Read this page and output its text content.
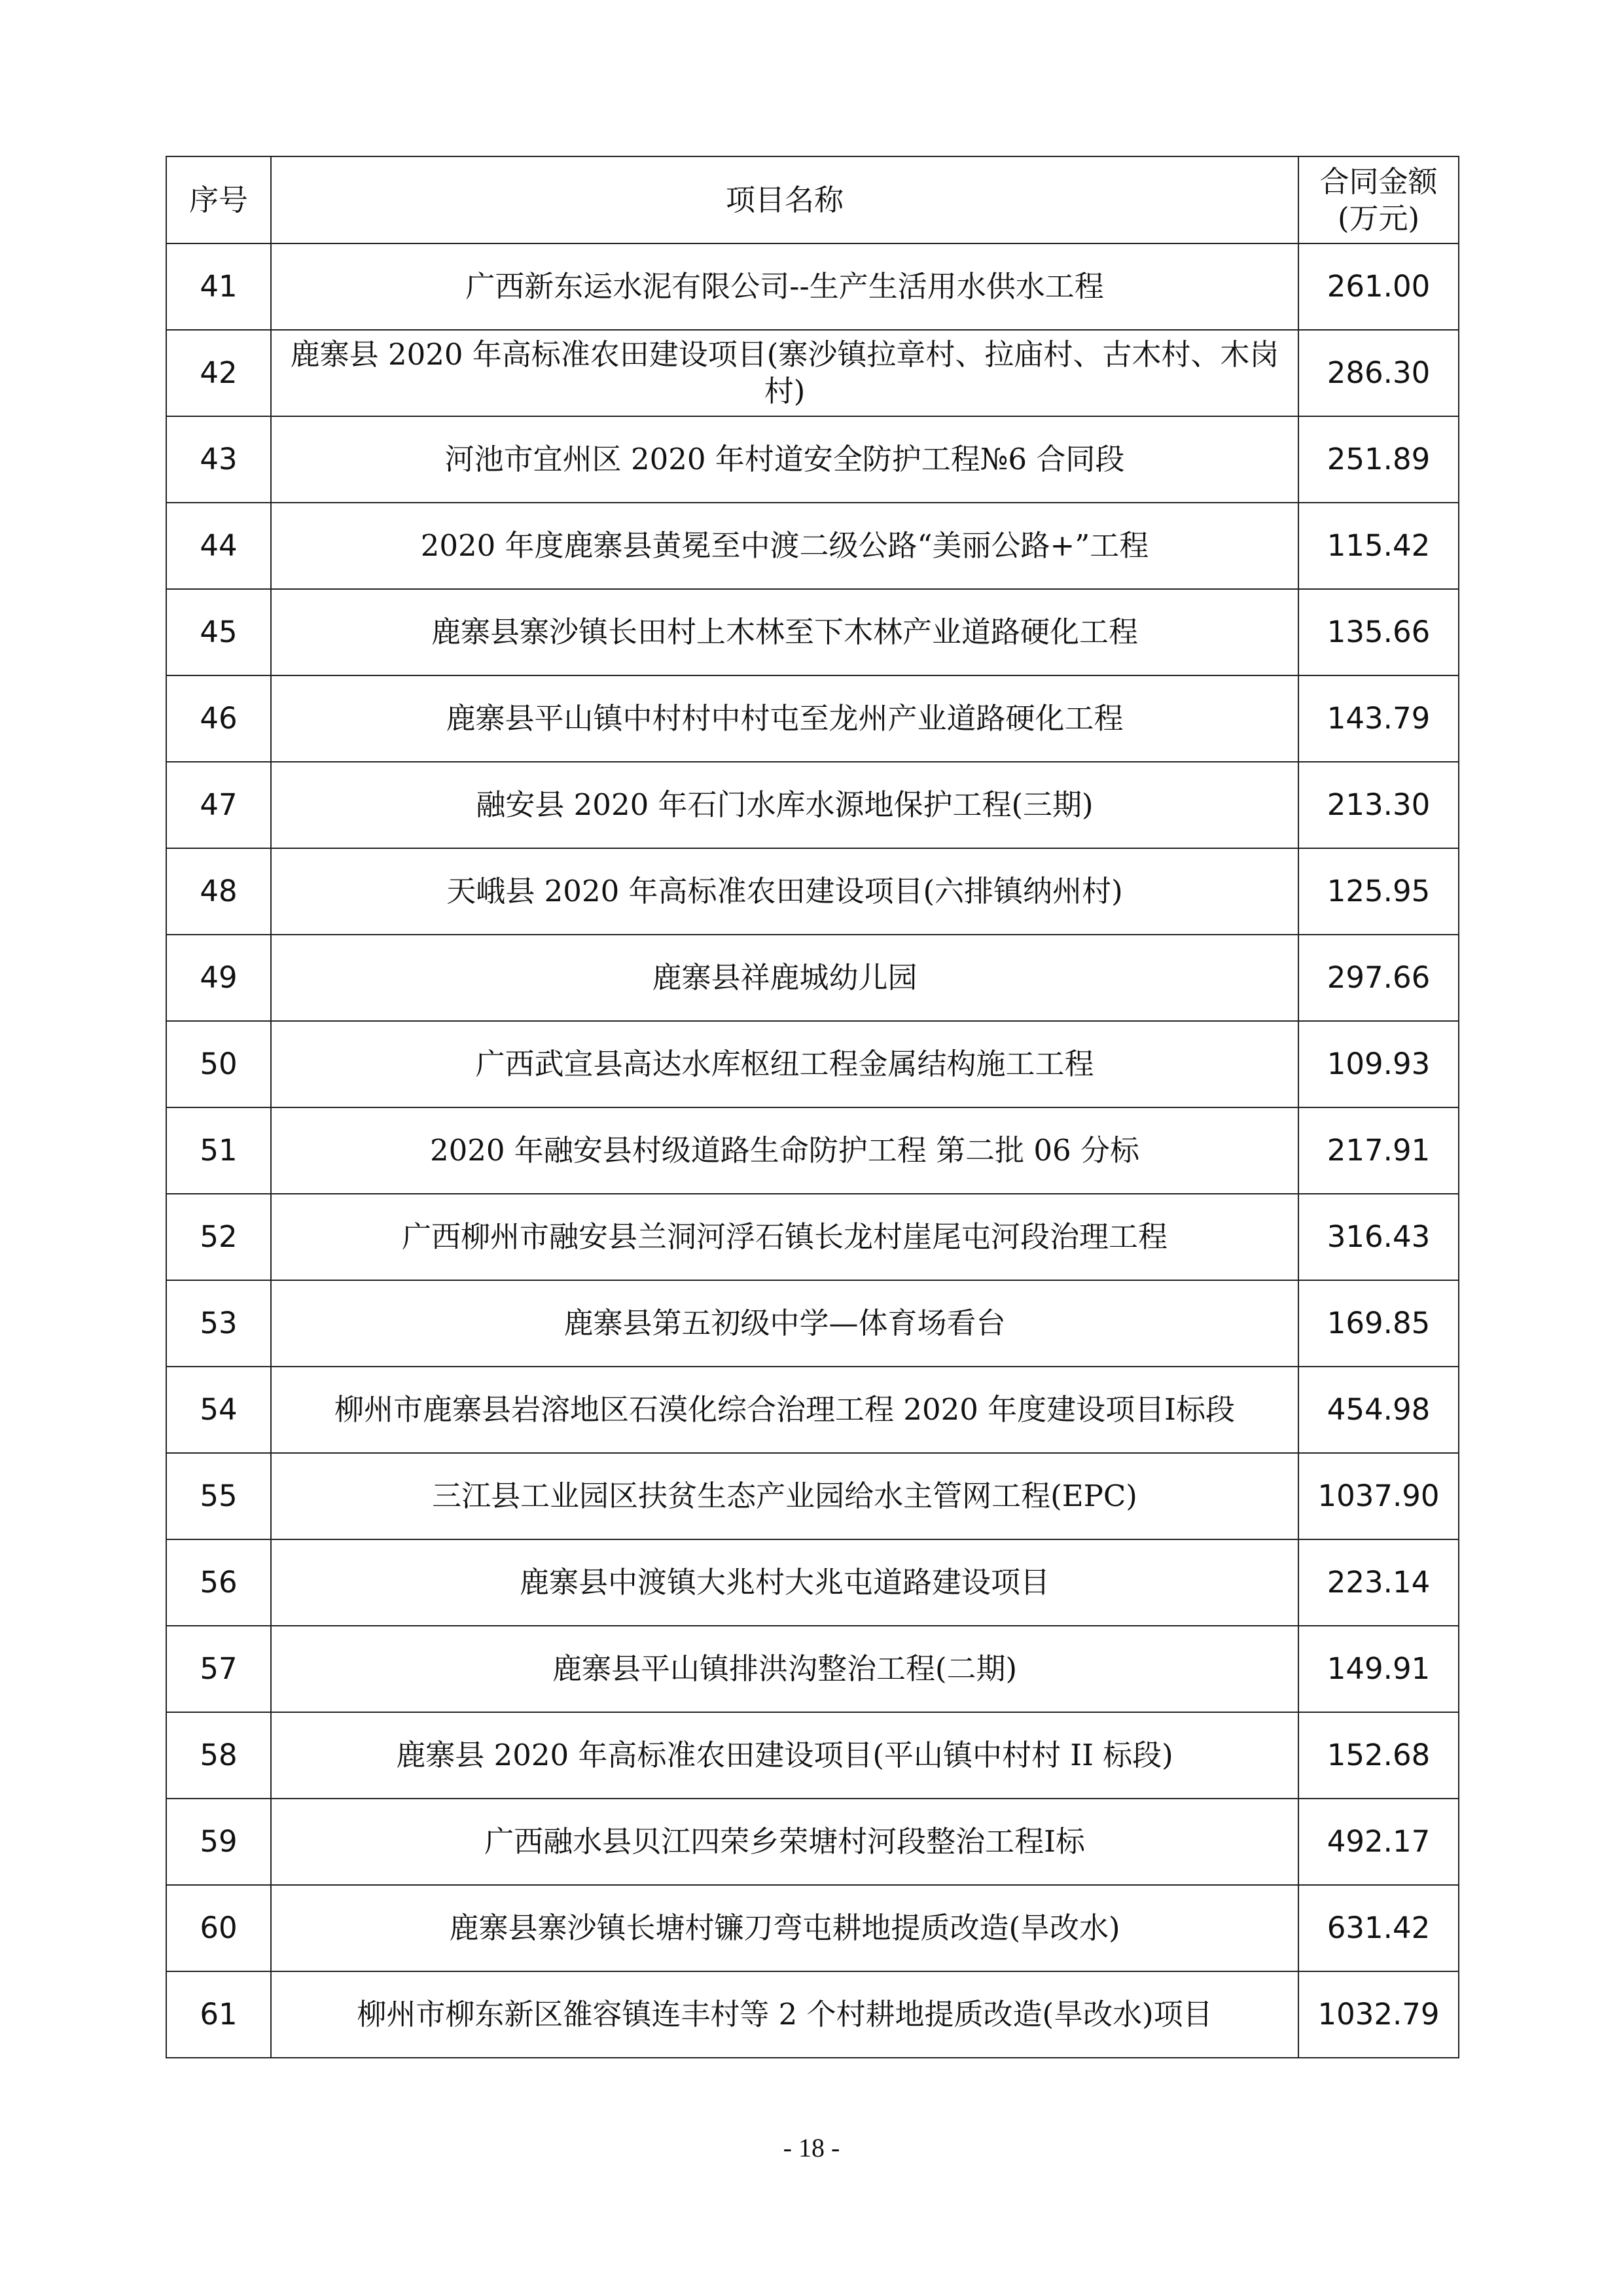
序号	项目名称	合同金额
(万元)

41	广西新东运水泥有限公司--生产生活用水供水工程	261.00
42	鹿寨县 2020 年高标准农田建设项目(寨沙镇拉章村、拉庙村、古木村、木岗村)	286.30
43	河池市宜州区 2020 年村道安全防护工程№6 合同段	251.89
44	2020 年度鹿寨县黄冕至中渡二级公路“美丽公路+”工程	115.42
45	鹿寨县寨沙镇长田村上木林至下木林产业道路硬化工程	135.66
46	鹿寨县平山镇中村村中村屯至龙州产业道路硬化工程	143.79
47	融安县 2020 年石门水库水源地保护工程(三期)	213.30
48	天峨县 2020 年高标准农田建设项目(六排镇纳州村)	125.95
49	鹿寨县祥鹿城幼儿园	297.66
50	广西武宣县高达水库枢纽工程金属结构施工工程	109.93
51	2020 年融安县村级道路生命防护工程 第二批 06 分标	217.91
52	广西柳州市融安县兰洞河浮石镇长龙村崖尾屯河段治理工程	316.43
53	鹿寨县第五初级中学—体育场看台	169.85
54	柳州市鹿寨县岩溶地区石漠化综合治理工程 2020 年度建设项目Ⅰ标段	454.98
55	三江县工业园区扶贫生态产业园给水主管网工程(EPC)	1037.90
56	鹿寨县中渡镇大兆村大兆屯道路建设项目	223.14
57	鹿寨县平山镇排洪沟整治工程(二期)	149.91
58	鹿寨县 2020 年高标准农田建设项目(平山镇中村村 II 标段)	152.68
59	广西融水县贝江四荣乡荣塘村河段整治工程Ⅰ标	492.17
60	鹿寨县寨沙镇长塘村镰刀弯屯耕地提质改造(旱改水)	631.42
61	柳州市柳东新区雒容镇连丰村等 2 个村耕地提质改造(旱改水)项目	1032.79
- 18 -
